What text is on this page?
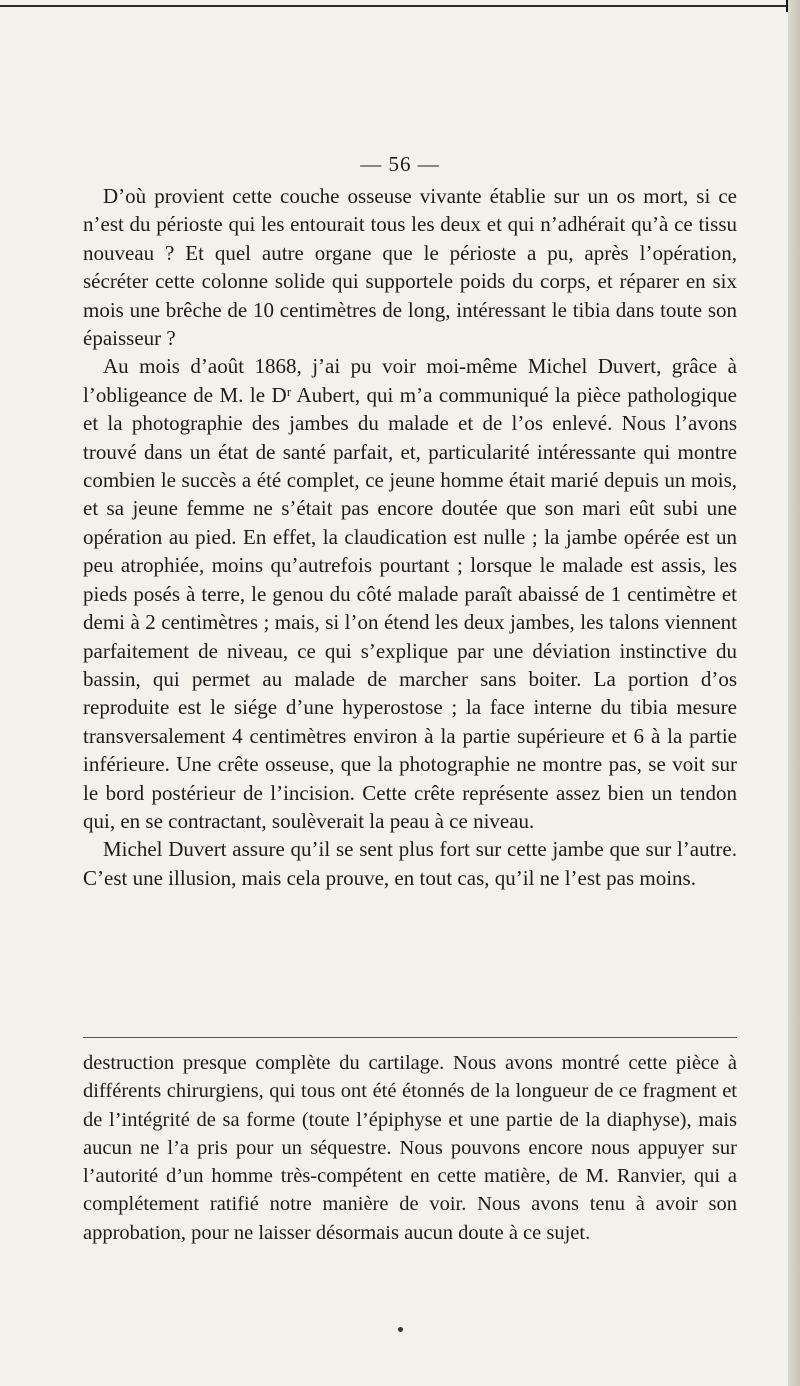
— 56 —

D’où provient cette couche osseuse vivante établie sur un os mort, si ce n’est du périoste qui les entourait tous les deux et qui n’adhérait qu’à ce tissu nouveau ? Et quel autre organe que le périoste a pu, après l’opération, sécréter cette colonne solide qui supportele poids du corps, et réparer en six mois une brêche de 10 centimètres de long, intéressant le tibia dans toute son épaisseur ?

Au mois d’août 1868, j’ai pu voir moi-même Michel Duvert, grâce à l’obligeance de M. le Dʳ Aubert, qui m’a communiqué la pièce pathologique et la photographie des jambes du malade et de l’os enlevé. Nous l’avons trouvé dans un état de santé parfait, et, particularité intéressante qui montre combien le succès a été complet, ce jeune homme était marié depuis un mois, et sa jeune femme ne s’était pas encore doutée que son mari eût subi une opération au pied. En effet, la claudication est nulle ; la jambe opérée est un peu atrophiée, moins qu’autrefois pourtant ; lorsque le malade est assis, les pieds posés à terre, le genou du côté malade paraît abaissé de 1 centimètre et demi à 2 centimètres ; mais, si l’on étend les deux jambes, les talons viennent parfaitement de niveau, ce qui s’explique par une déviation instinctive du bassin, qui permet au malade de marcher sans boiter. La portion d’os reproduite est le siége d’une hyperostose ; la face interne du tibia mesure transversalement 4 centimètres environ à la partie supérieure et 6 à la partie inférieure. Une crête osseuse, que la photographie ne montre pas, se voit sur le bord postérieur de l’incision. Cette crête représente assez bien un tendon qui, en se contractant, soulèverait la peau à ce niveau.

Michel Duvert assure qu’il se sent plus fort sur cette jambe que sur l’autre. C’est une illusion, mais cela prouve, en tout cas, qu’il ne l’est pas moins.

destruction presque complète du cartilage. Nous avons montré cette pièce à différents chirurgiens, qui tous ont été étonnés de la longueur de ce fragment et de l’intégrité de sa forme (toute l’épiphyse et une partie de la diaphyse), mais aucun ne l’a pris pour un séquestre. Nous pouvons encore nous appuyer sur l’autorité d’un homme très-compétent en cette matière, de M. Ranvier, qui a complétement ratifié notre manière de voir. Nous avons tenu à avoir son approbation, pour ne laisser désormais aucun doute à ce sujet.
